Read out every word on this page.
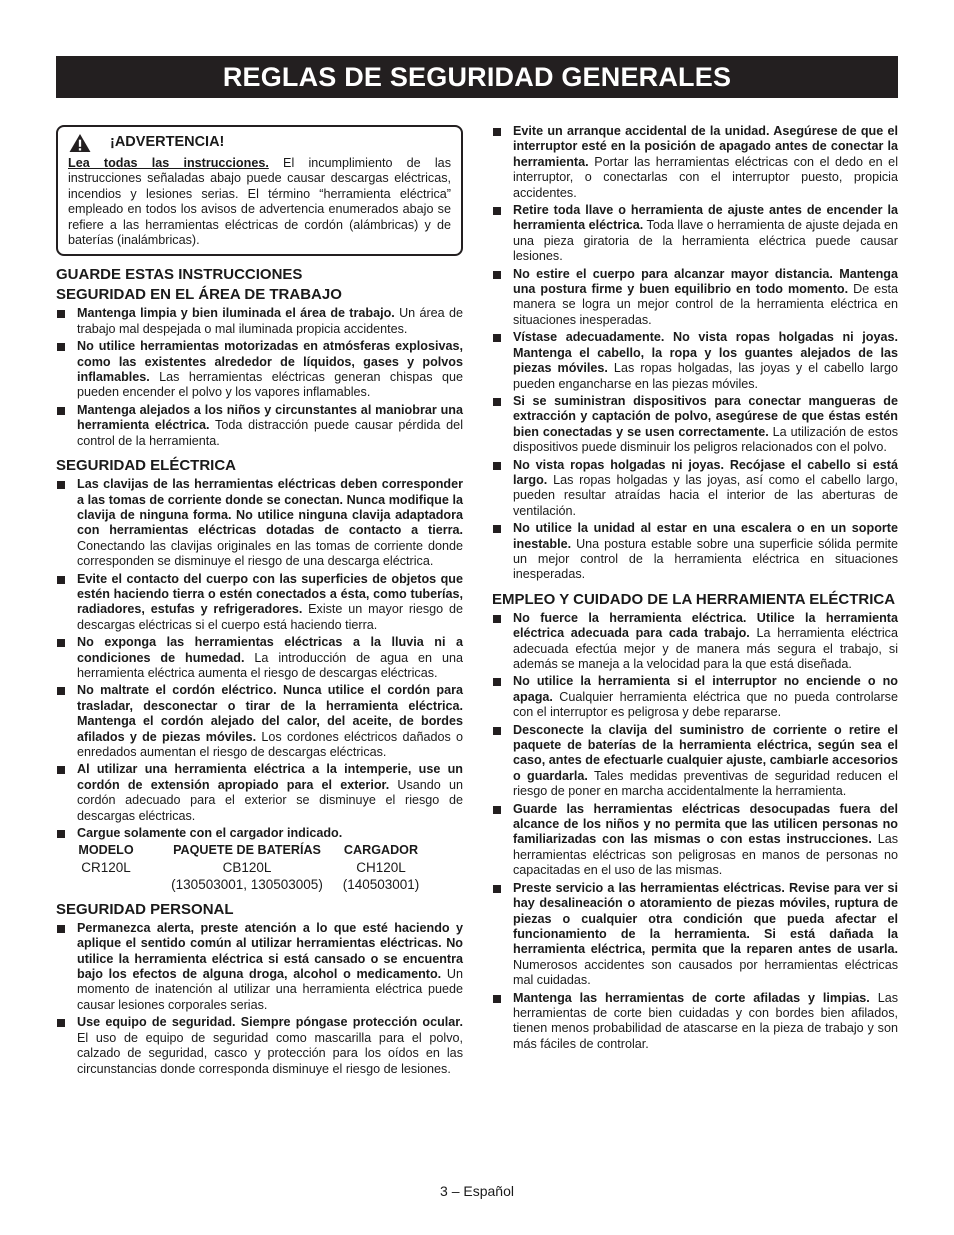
REGLAS DE SEGURIDAD GENERALES
¡ADVERTENCIA!
Lea todas las instrucciones. El incumplimiento de las instrucciones señaladas abajo puede causar descargas eléctricas, incendios y lesiones serias. El término “herramienta eléctrica” empleado en todos los avisos de advertencia enumerados abajo se refiere a las herramientas eléctricas de cordón (alámbricas) y de baterías (inalámbricas).
GUARDE ESTAS INSTRUCCIONES
SEGURIDAD EN EL ÁREA DE TRABAJO
Mantenga limpia y bien iluminada el área de trabajo. Un área de trabajo mal despejada o mal iluminada propicia accidentes.
No utilice herramientas motorizadas en atmósferas explosivas, como las existentes alrededor de líquidos, gases y polvos inflamables. Las herramientas eléctricas generan chispas que pueden encender el polvo y los vapores inflamables.
Mantenga alejados a los niños y circunstantes al maniobrar una herramienta eléctrica. Toda distracción puede causar pérdida del control de la herramienta.
SEGURIDAD ELÉCTRICA
Las clavijas de las herramientas eléctricas deben corresponder a las tomas de corriente donde se conectan. Nunca modifique la clavija de ninguna forma. No utilice ninguna clavija adaptadora con herramientas eléctricas dotadas de contacto a tierra. Conectando las clavijas originales en las tomas de corriente donde corresponden se disminuye el riesgo de una descarga eléctrica.
Evite el contacto del cuerpo con las superficies de objetos que estén haciendo tierra o estén conectados a ésta, como tuberías, radiadores, estufas y refrigeradores. Existe un mayor riesgo de descargas eléctricas si el cuerpo está haciendo tierra.
No exponga las herramientas eléctricas a la lluvia ni a condiciones de humedad. La introducción de agua en una herramienta eléctrica aumenta el riesgo de descargas eléctricas.
No maltrate el cordón eléctrico. Nunca utilice el cordón para trasladar, desconectar o tirar de la herramienta eléctrica. Mantenga el cordón alejado del calor, del aceite, de bordes afilados y de piezas móviles. Los cordones eléctricos dañados o enredados aumentan el riesgo de descargas eléctricas.
Al utilizar una herramienta eléctrica a la intemperie, use un cordón de extensión apropiado para el exterior. Usando un cordón adecuado para el exterior se disminuye el riesgo de descargas eléctricas.
Cargue solamente con el cargador indicado.
MODELO	PAQUETE DE BATERÍAS	CARGADOR
CR120L	CB120L	CH120L
	(130503001, 130503005)	(140503001)
SEGURIDAD PERSONAL
Permanezca alerta, preste atención a lo que esté haciendo y aplique el sentido común al utilizar herramientas eléctricas. No utilice la herramienta eléctrica si está cansado o se encuentra bajo los efectos de alguna droga, alcohol o medicamento. Un momento de inatención al utilizar una herramienta eléctrica puede causar lesiones corporales serias.
Use equipo de seguridad. Siempre póngase protección ocular. El uso de equipo de seguridad como mascarilla para el polvo, calzado de seguridad, casco y protección para los oídos en las circunstancias donde corresponda disminuye el riesgo de lesiones.
Evite un arranque accidental de la unidad. Asegúrese de que el interruptor esté en la posición de apagado antes de conectar la herramienta. Portar las herramientas eléctricas con el dedo en el interruptor, o conectarlas con el interruptor puesto, propicia accidentes.
Retire toda llave o herramienta de ajuste antes de encender la herramienta eléctrica. Toda llave o herramienta de ajuste dejada en una pieza giratoria de la herramienta eléctrica puede causar lesiones.
No estire el cuerpo para alcanzar mayor distancia. Mantenga una postura firme y buen equilibrio en todo momento. De esta manera se logra un mejor control de la herramienta eléctrica en situaciones inesperadas.
Vístase adecuadamente. No vista ropas holgadas ni joyas. Mantenga el cabello, la ropa y los guantes alejados de las piezas móviles. Las ropas holgadas, las joyas y el cabello largo pueden engancharse en las piezas móviles.
Si se suministran dispositivos para conectar mangueras de extracción y captación de polvo, asegúrese de que éstas estén bien conectadas y se usen correctamente. La utilización de estos dispositivos puede disminuir los peligros relacionados con el polvo.
No vista ropas holgadas ni joyas. Recójase el cabello si está largo. Las ropas holgadas y las joyas, así como el cabello largo, pueden resultar atraídas hacia el interior de las aberturas de ventilación.
No utilice la unidad al estar en una escalera o en un soporte inestable. Una postura estable sobre una superficie sólida permite un mejor control de la herramienta eléctrica en situaciones inesperadas.
EMPLEO Y CUIDADO DE LA HERRAMIENTA ELÉCTRICA
No fuerce la herramienta eléctrica. Utilice la herramienta eléctrica adecuada para cada trabajo. La herramienta eléctrica adecuada efectúa mejor y de manera más segura el trabajo, si además se maneja a la velocidad para la que está diseñada.
No utilice la herramienta si el interruptor no enciende o no apaga. Cualquier herramienta eléctrica que no pueda controlarse con el interruptor es peligrosa y debe repararse.
Desconecte la clavija del suministro de corriente o retire el paquete de baterías de la herramienta eléctrica, según sea el caso, antes de efectuarle cualquier ajuste, cambiarle accesorios o guardarla. Tales medidas preventivas de seguridad reducen el riesgo de poner en marcha accidentalmente la herramienta.
Guarde las herramientas eléctricas desocupadas fuera del alcance de los niños y no permita que las utilicen personas no familiarizadas con las mismas o con estas instrucciones. Las herramientas eléctricas son peligrosas en manos de personas no capacitadas en el uso de las mismas.
Preste servicio a las herramientas eléctricas. Revise para ver si hay desalineación o atoramiento de piezas móviles, ruptura de piezas o cualquier otra condición que pueda afectar el funcionamiento de la herramienta. Si está dañada la herramienta eléctrica, permita que la reparen antes de usarla. Numerosos accidentes son causados por herramientas eléctricas mal cuidadas.
Mantenga las herramientas de corte afiladas y limpias. Las herramientas de corte bien cuidadas y con bordes bien afilados, tienen menos probabilidad de atascarse en la pieza de trabajo y son más fáciles de controlar.
3 – Español
